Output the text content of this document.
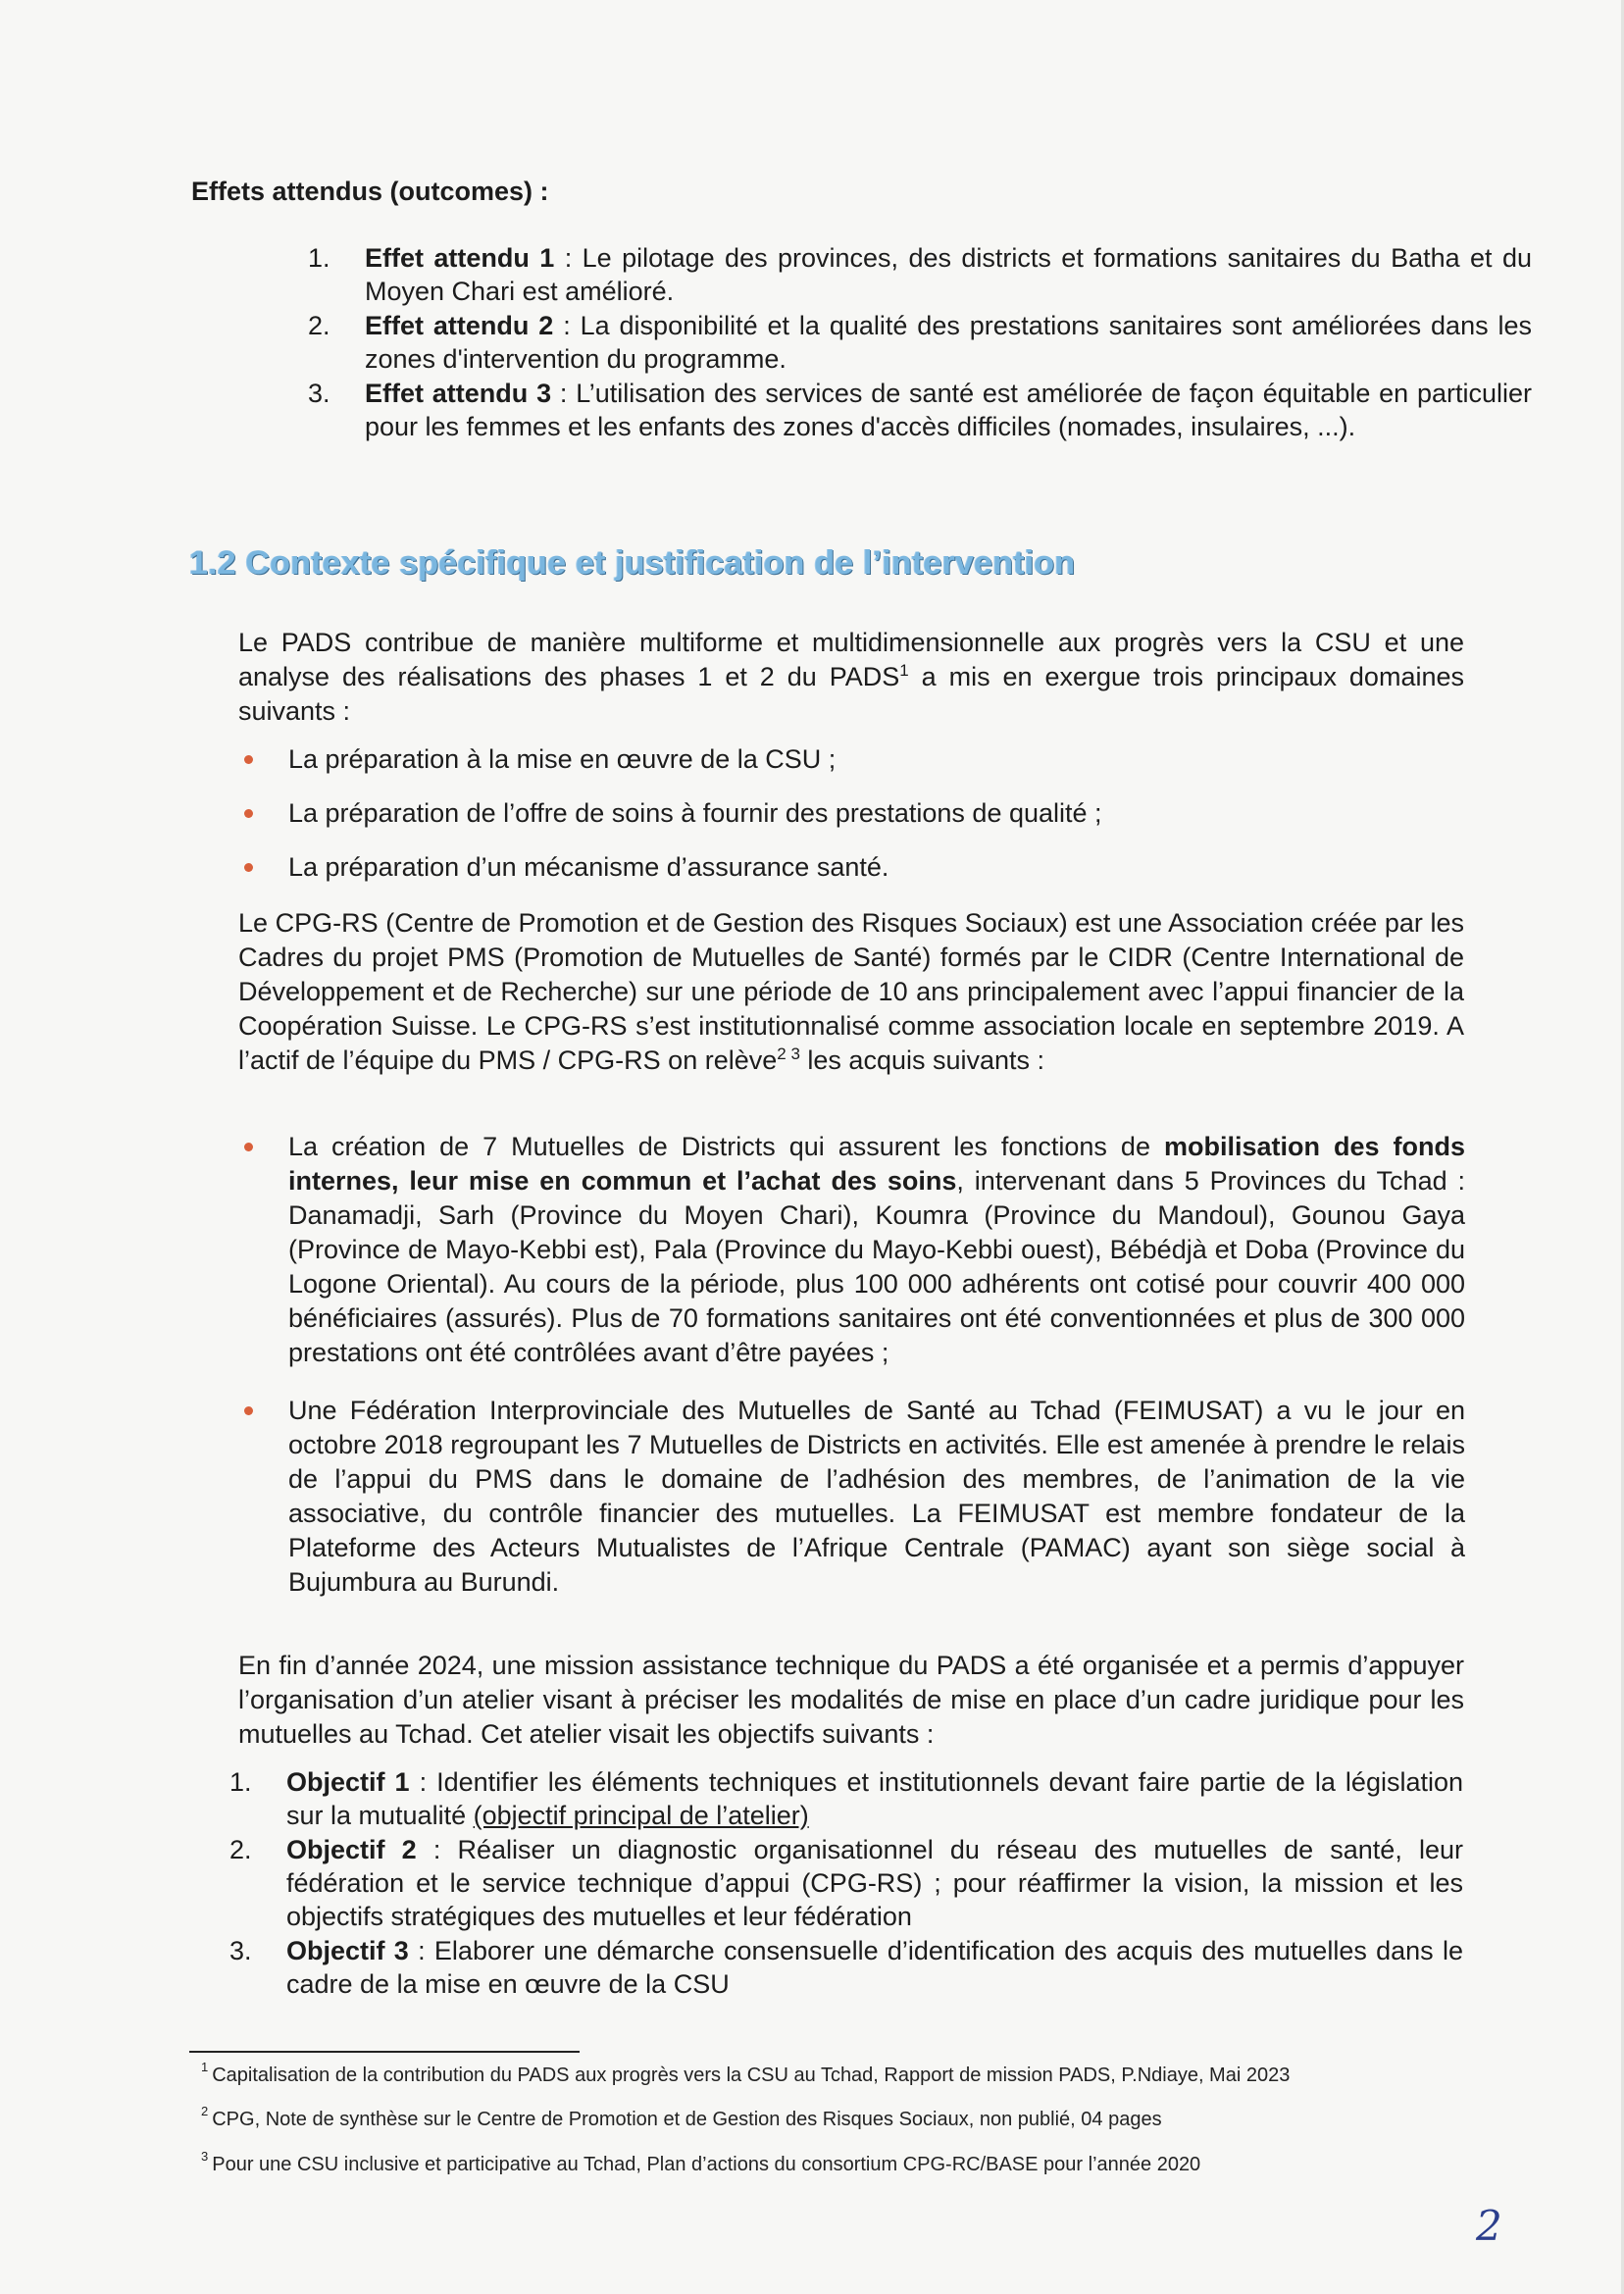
Effets attendus (outcomes) :

1. Effet attendu 1 : Le pilotage des provinces, des districts et formations sanitaires du Batha et du Moyen Chari est amélioré.
2. Effet attendu 2 : La disponibilité et la qualité des prestations sanitaires sont améliorées dans les zones d'intervention du programme.
3. Effet attendu 3 : L’utilisation des services de santé est améliorée de façon équitable en particulier pour les femmes et les enfants des zones d'accès difficiles (nomades, insulaires, ...).
1.2 Contexte spécifique et justification de l’intervention

Le PADS contribue de manière multiforme et multidimensionnelle aux progrès vers la CSU et une analyse des réalisations des phases 1 et 2 du PADS$^1$ a mis en exergue trois principaux domaines suivants :

La préparation à la mise en œuvre de la CSU ;
La préparation de l’offre de soins à fournir des prestations de qualité ;
La préparation d’un mécanisme d’assurance santé.

Le CPG-RS (Centre de Promotion et de Gestion des Risques Sociaux) est une Association créée par les Cadres du projet PMS (Promotion de Mutuelles de Santé) formés par le CIDR (Centre International de Développement et de Recherche) sur une période de 10 ans principalement avec l’appui financier de la Coopération Suisse. Le CPG-RS s’est institutionnalisé comme association locale en septembre 2019. A l’actif de l’équipe du PMS / CPG-RS on relève$^{2 3}$ les acquis suivants :

La création de 7 Mutuelles de Districts qui assurent les fonctions de mobilisation des fonds internes, leur mise en commun et l’achat des soins, intervenant dans 5 Provinces du Tchad : Danamadji, Sarh (Province du Moyen Chari), Koumra (Province du Mandoul), Gounou Gaya (Province de Mayo-Kebbi est), Pala (Province du Mayo-Kebbi ouest), Bébédjà et Doba (Province du Logone Oriental). Au cours de la période, plus 100 000 adhérents ont cotisé pour couvrir 400 000 bénéficiaires (assurés). Plus de 70 formations sanitaires ont été conventionnées et plus de 300 000 prestations ont été contrôlées avant d’être payées ;
Une Fédération Interprovinciale des Mutuelles de Santé au Tchad (FEIMUSAT) a vu le jour en octobre 2018 regroupant les 7 Mutuelles de Districts en activités. Elle est amenée à prendre le relais de l’appui du PMS dans le domaine de l’adhésion des membres, de l’animation de la vie associative, du contrôle financier des mutuelles. La FEIMUSAT est membre fondateur de la Plateforme des Acteurs Mutualistes de l’Afrique Centrale (PAMAC) ayant son siège social à Bujumbura au Burundi.

En fin d’année 2024, une mission assistance technique du PADS a été organisée et a permis d’appuyer l’organisation d’un atelier visant à préciser les modalités de mise en place d’un cadre juridique pour les mutuelles au Tchad. Cet atelier visait les objectifs suivants :

1. Objectif 1 : Identifier les éléments techniques et institutionnels devant faire partie de la législation sur la mutualité (objectif principal de l’atelier)
2. Objectif 2 : Réaliser un diagnostic organisationnel du réseau des mutuelles de santé, leur fédération et le service technique d’appui (CPG-RS) ; pour réaffirmer la vision, la mission et les objectifs stratégiques des mutuelles et leur fédération
3. Objectif 3 : Elaborer une démarche consensuelle d’identification des acquis des mutuelles dans le cadre de la mise en œuvre de la CSU

$^1$ Capitalisation de la contribution du PADS aux progrès vers la CSU au Tchad, Rapport de mission PADS, P.Ndiaye, Mai 2023

$^2$ CPG, Note de synthèse sur le Centre de Promotion et de Gestion des Risques Sociaux, non publié, 04 pages

$^3$ Pour une CSU inclusive et participative au Tchad, Plan d’actions du consortium CPG-RC/BASE pour l’année 2020

2
